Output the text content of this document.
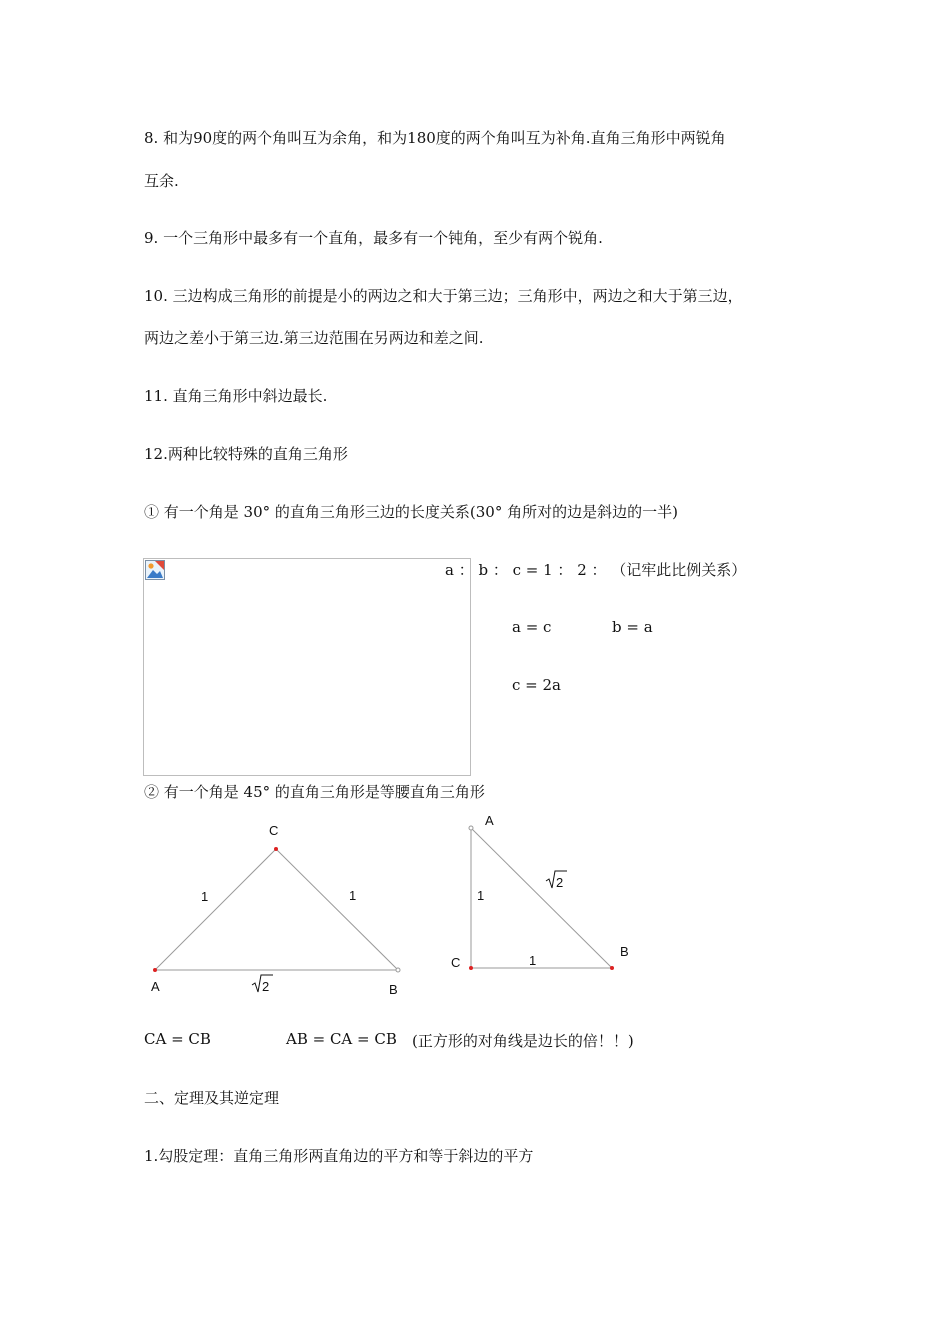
8. 和为90度的两个角叫互为余角，和为180度的两个角叫互为补角.直角三角形中两锐角
互余.
9. 一个三角形中最多有一个直角，最多有一个钝角，至少有两个锐角.
10. 三边构成三角形的前提是小的两边之和大于第三边；三角形中，两边之和大于第三边，
两边之差小于第三边.第三边范围在另两边和差之间.
11. 直角三角形中斜边最长.
12.两种比较特殊的直角三角形
① 有一个角是 30° 的直角三角形三边的长度关系(30° 角所对的边是斜边的一半)
a ： b ： c = 1 ： 2 ： （记牢此比例关系）
a = c	b = a
c = 2a
② 有一个角是 45° 的直角三角形是等腰直角三角形
C
A	B
1	1
2
A
C
B
1
1
2
CA = CB	AB = CA = CB (正方形的对角线是边长的倍！！)
二、定理及其逆定理
1.勾股定理：直角三角形两直角边的平方和等于斜边的平方
